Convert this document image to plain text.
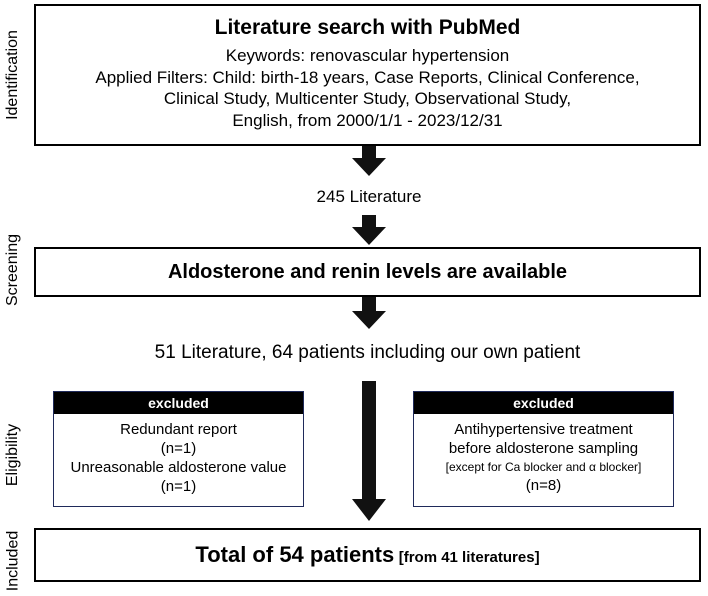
Identification
Screening
Eligibility
Included
Literature search with PubMed
Keywords: renovascular hypertension
Applied Filters: Child: birth-18 years, Case Reports, Clinical Conference,
Clinical Study, Multicenter Study, Observational Study,
English, from 2000/1/1 - 2023/12/31
245 Literature
Aldosterone and renin levels are available
51 Literature, 64 patients including our own patient
excluded
Redundant report
(n=1)
Unreasonable aldosterone value
(n=1)
excluded
Antihypertensive treatment
before aldosterone sampling
[except for Ca blocker and α blocker]
(n=8)
Total of 54 patients [from 41 literatures]
